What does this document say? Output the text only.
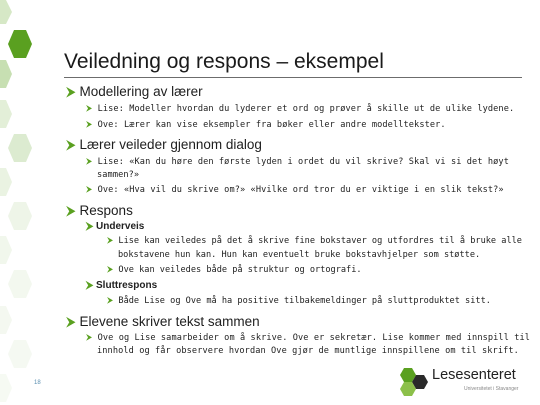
Veiledning og respons – eksempel
⮞ Modellering av lærer
⮞ Lise: Modeller hvordan du lyderer et ord og prøver å skille ut de ulike lydene.
⮞ Ove: Lærer kan vise eksempler fra bøker eller andre modelltekster.
⮞ Lærer veileder gjennom dialog
⮞ Lise: «Kan du høre den første lyden i ordet du vil skrive? Skal vi si det høyt
sammen?»
⮞ Ove: «Hva vil du skrive om?» «Hvilke ord tror du er viktige i en slik tekst?»
⮞ Respons
⮞ Underveis
⮞ Lise kan veiledes på det å skrive fine bokstaver og utfordres til å bruke alle
bokstavene hun kan. Hun kan eventuelt bruke bokstavhjelper som støtte.
⮞ Ove kan veiledes både på struktur og ortografi.
⮞ Sluttrespons
⮞ Både Lise og Ove må ha positive tilbakemeldinger på sluttproduktet sitt.
⮞ Elevene skriver tekst sammen
⮞ Ove og Lise samarbeider om å skrive. Ove er sekretær. Lise kommer med innspill til
innhold og får observere hvordan Ove gjør de muntlige innspillene om til skrift.
18	Lesesenteret
Universitetet i Stavanger
